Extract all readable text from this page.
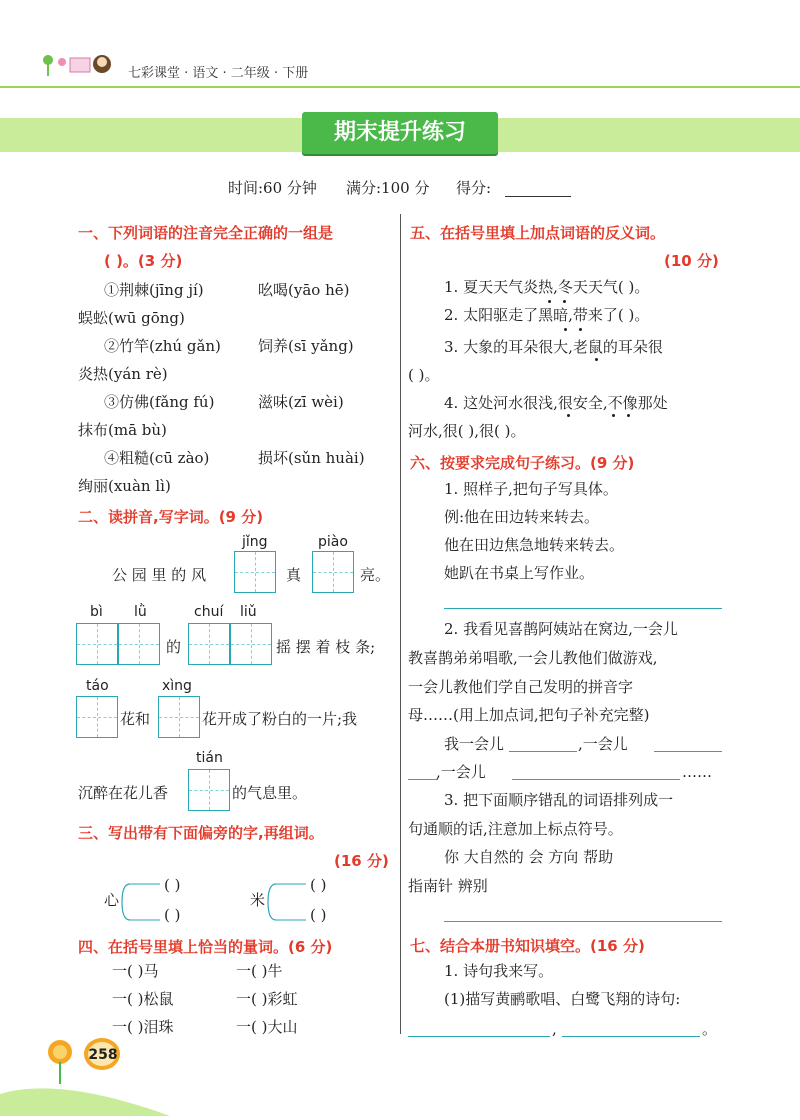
七彩课堂 · 语文 · 二年级 · 下册
期末提升练习
时间:60 分钟 满分:100 分 得分:
一、下列词语的注音完全正确的一组是
( )。(3 分)
①荆棘(jīng jí)	吆喝(yāo hē)
蜈蚣(wū gōng)
②竹竿(zhú gǎn) 饲养(sī yǎng)
炎热(yán rè)
③仿佛(fǎng fú)	滋味(zī wèi)
抹布(mā bù)
④粗糙(cū zào)	损坏(sǔn huài)
绚丽(xuàn lì)
二、读拼音,写字词。(9 分)
jǐng	piào
公 园 里 的 风	真	亮。
bì lǜ	chuí liǔ
的	摇 摆 着 枝 条;
táo	xìng
花和	花开成了粉白的一片;我
tián
沉醉在花儿香	的气息里。
三、写出带有下面偏旁的字,再组词。
(16 分)
心
( )
( )
米
( )
( )
四、在括号里填上恰当的量词。(6 分)
一( )马	一( )牛
一( )松鼠	一( )彩虹
一( )泪珠	一( )大山
五、在括号里填上加点词语的反义词。
(10 分)
1. 夏天天气炎热,冬天天气( )。
2. 太阳驱走了黑暗,带来了( )。
3. 大象的耳朵很大,老鼠的耳朵很
( )。
4. 这处河水很浅,很安全,不像那处
河水,很( ),很( )。
六、按要求完成句子练习。(9 分)
1. 照样子,把句子写具体。
例:他在田边转来转去。
他在田边焦急地转来转去。
她趴在书桌上写作业。
2. 我看见喜鹊阿姨站在窝边,一会儿
教喜鹊弟弟唱歌,一会儿教他们做游戏,
一会儿教他们学自己发明的拼音字
母……(用上加点词,把句子补充完整)
我一会儿	,一会儿
,一会儿	……
3. 把下面顺序错乱的词语排列成一
句通顺的话,注意加上标点符号。
你 大自然的 会 方向 帮助
指南针 辨别
七、结合本册书知识填空。(16 分)
1. 诗句我来写。
(1)描写黄鹂歌唱、白鹭飞翔的诗句:
,	。
258
